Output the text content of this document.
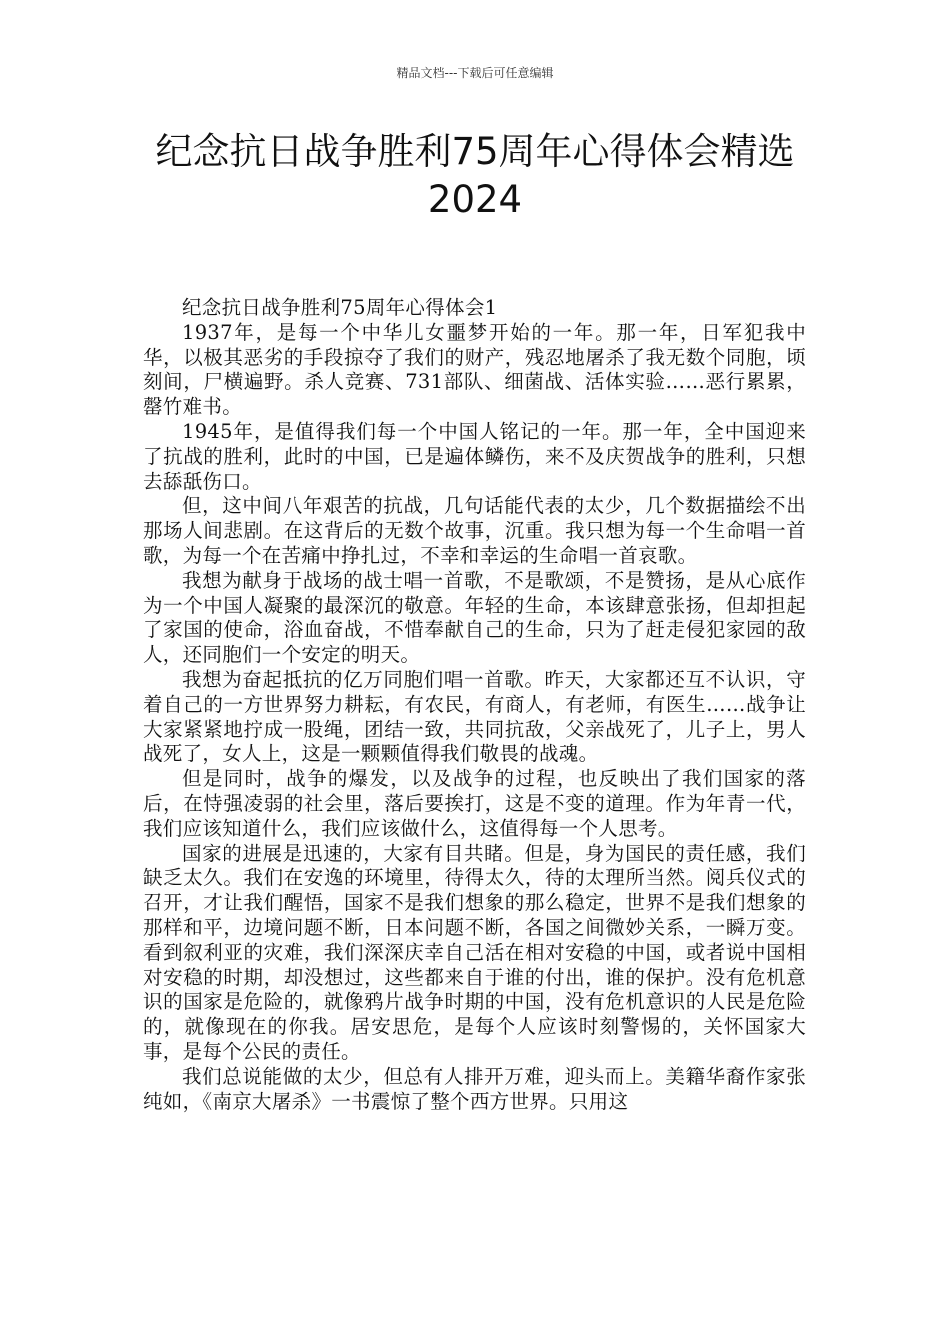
精品文档---下载后可任意编辑
纪念抗日战争胜利75周年心得体会精选2024

纪念抗日战争胜利75周年心得体会1

1937年，是每一个中华儿女噩梦开始的一年。那一年，日军犯我中华，以极其恶劣的手段掠夺了我们的财产，残忍地屠杀了我无数个同胞，顷刻间，尸横遍野。杀人竞赛、731部队、细菌战、活体实验……恶行累累，罄竹难书。

1945年，是值得我们每一个中国人铭记的一年。那一年，全中国迎来了抗战的胜利，此时的中国，已是遍体鳞伤，来不及庆贺战争的胜利，只想去舔舐伤口。

但，这中间八年艰苦的抗战，几句话能代表的太少，几个数据描绘不出那场人间悲剧。在这背后的无数个故事，沉重。我只想为每一个生命唱一首歌，为每一个在苦痛中挣扎过，不幸和幸运的生命唱一首哀歌。

我想为献身于战场的战士唱一首歌，不是歌颂，不是赞扬，是从心底作为一个中国人凝聚的最深沉的敬意。年轻的生命，本该肆意张扬，但却担起了家国的使命，浴血奋战，不惜奉献自己的生命，只为了赶走侵犯家园的敌人，还同胞们一个安定的明天。

我想为奋起抵抗的亿万同胞们唱一首歌。昨天，大家都还互不认识，守着自己的一方世界努力耕耘，有农民，有商人，有老师，有医生……战争让大家紧紧地拧成一股绳，团结一致，共同抗敌，父亲战死了，儿子上，男人战死了，女人上，这是一颗颗值得我们敬畏的战魂。

但是同时，战争的爆发，以及战争的过程，也反映出了我们国家的落后，在恃强凌弱的社会里，落后要挨打，这是不变的道理。作为年青一代，我们应该知道什么，我们应该做什么，这值得每一个人思考。

国家的进展是迅速的，大家有目共睹。但是，身为国民的责任感，我们缺乏太久。我们在安逸的环境里，待得太久，待的太理所当然。阅兵仪式的召开，才让我们醒悟，国家不是我们想象的那么稳定，世界不是我们想象的那样和平，边境问题不断，日本问题不断，各国之间微妙关系，一瞬万变。看到叙利亚的灾难，我们深深庆幸自己活在相对安稳的中国，或者说中国相对安稳的时期，却没想过，这些都来自于谁的付出，谁的保护。没有危机意识的国家是危险的，就像鸦片战争时期的中国，没有危机意识的人民是危险的，就像现在的你我。居安思危，是每个人应该时刻警惕的，关怀国家大事，是每个公民的责任。

我们总说能做的太少，但总有人排开万难，迎头而上。美籍华裔作家张纯如，《南京大屠杀》一书震惊了整个西方世界。只用这
